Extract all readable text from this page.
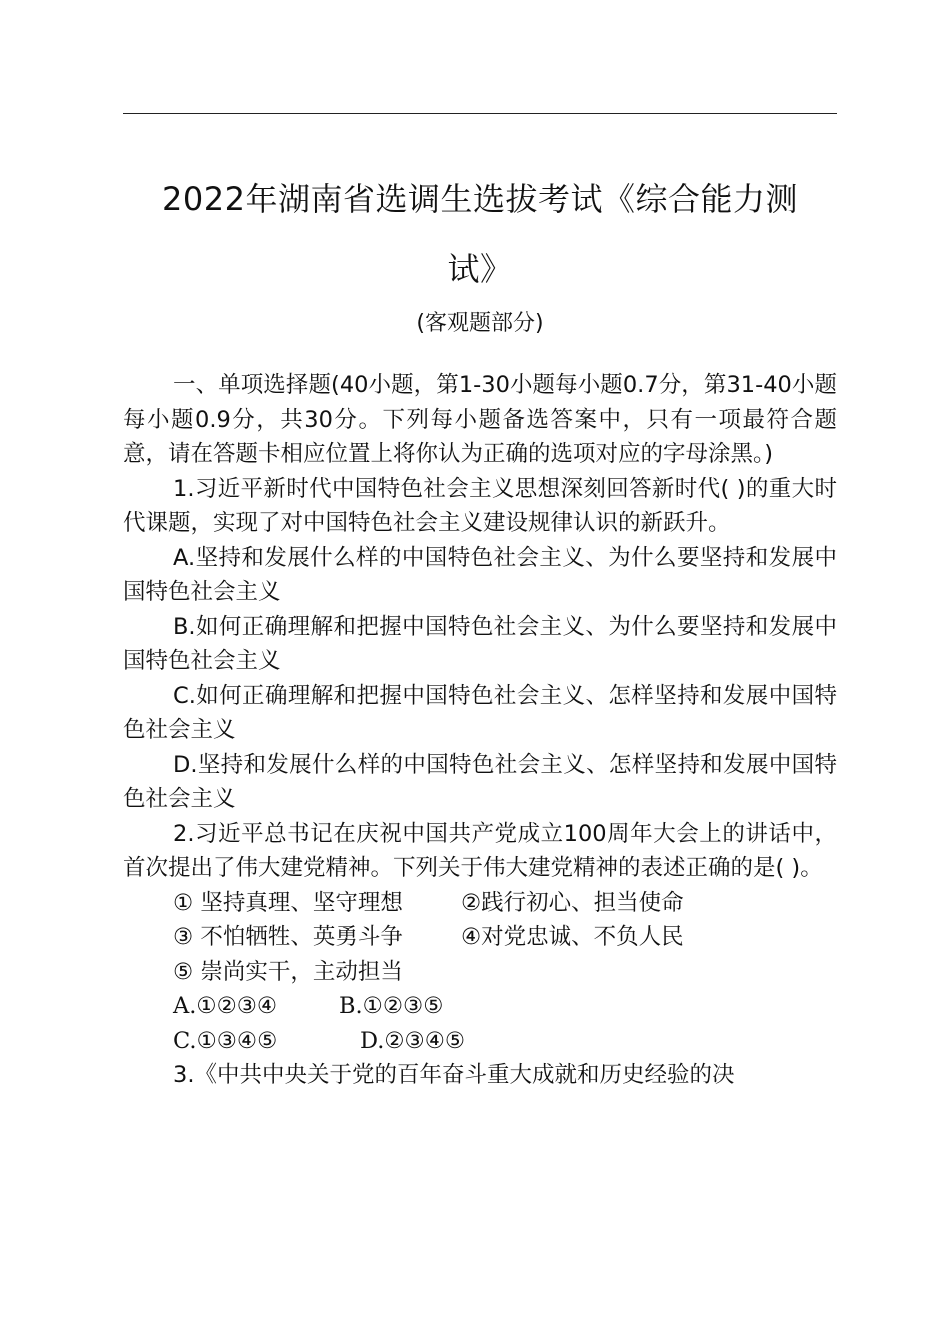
2022年湖南省选调生选拔考试《综合能力测
试》
(客观题部分)

一、单项选择题(40小题，第1-30小题每小题0.7分，第31-40小题每小题0.9分，共30分。下列每小题备选答案中，只有一项最符合题意，请在答题卡相应位置上将你认为正确的选项对应的字母涂黑。)

1.习近平新时代中国特色社会主义思想深刻回答新时代( )的重大时代课题，实现了对中国特色社会主义建设规律认识的新跃升。

A.坚持和发展什么样的中国特色社会主义、为什么要坚持和发展中国特色社会主义

B.如何正确理解和把握中国特色社会主义、为什么要坚持和发展中国特色社会主义

C.如何正确理解和把握中国特色社会主义、怎样坚持和发展中国特色社会主义

D.坚持和发展什么样的中国特色社会主义、怎样坚持和发展中国特色社会主义

2.习近平总书记在庆祝中国共产党成立100周年大会上的讲话中，首次提出了伟大建党精神。下列关于伟大建党精神的表述正确的是( )。

① 坚持真理、坚守理想	②践行初心、担当使命
③ 不怕牺牲、英勇斗争	④对党忠诚、不负人民
⑤ 崇尚实干，主动担当
A.①②③④	B.①②③⑤
C.①③④⑤	D.②③④⑤

3.《中共中央关于党的百年奋斗重大成就和历史经验的决
